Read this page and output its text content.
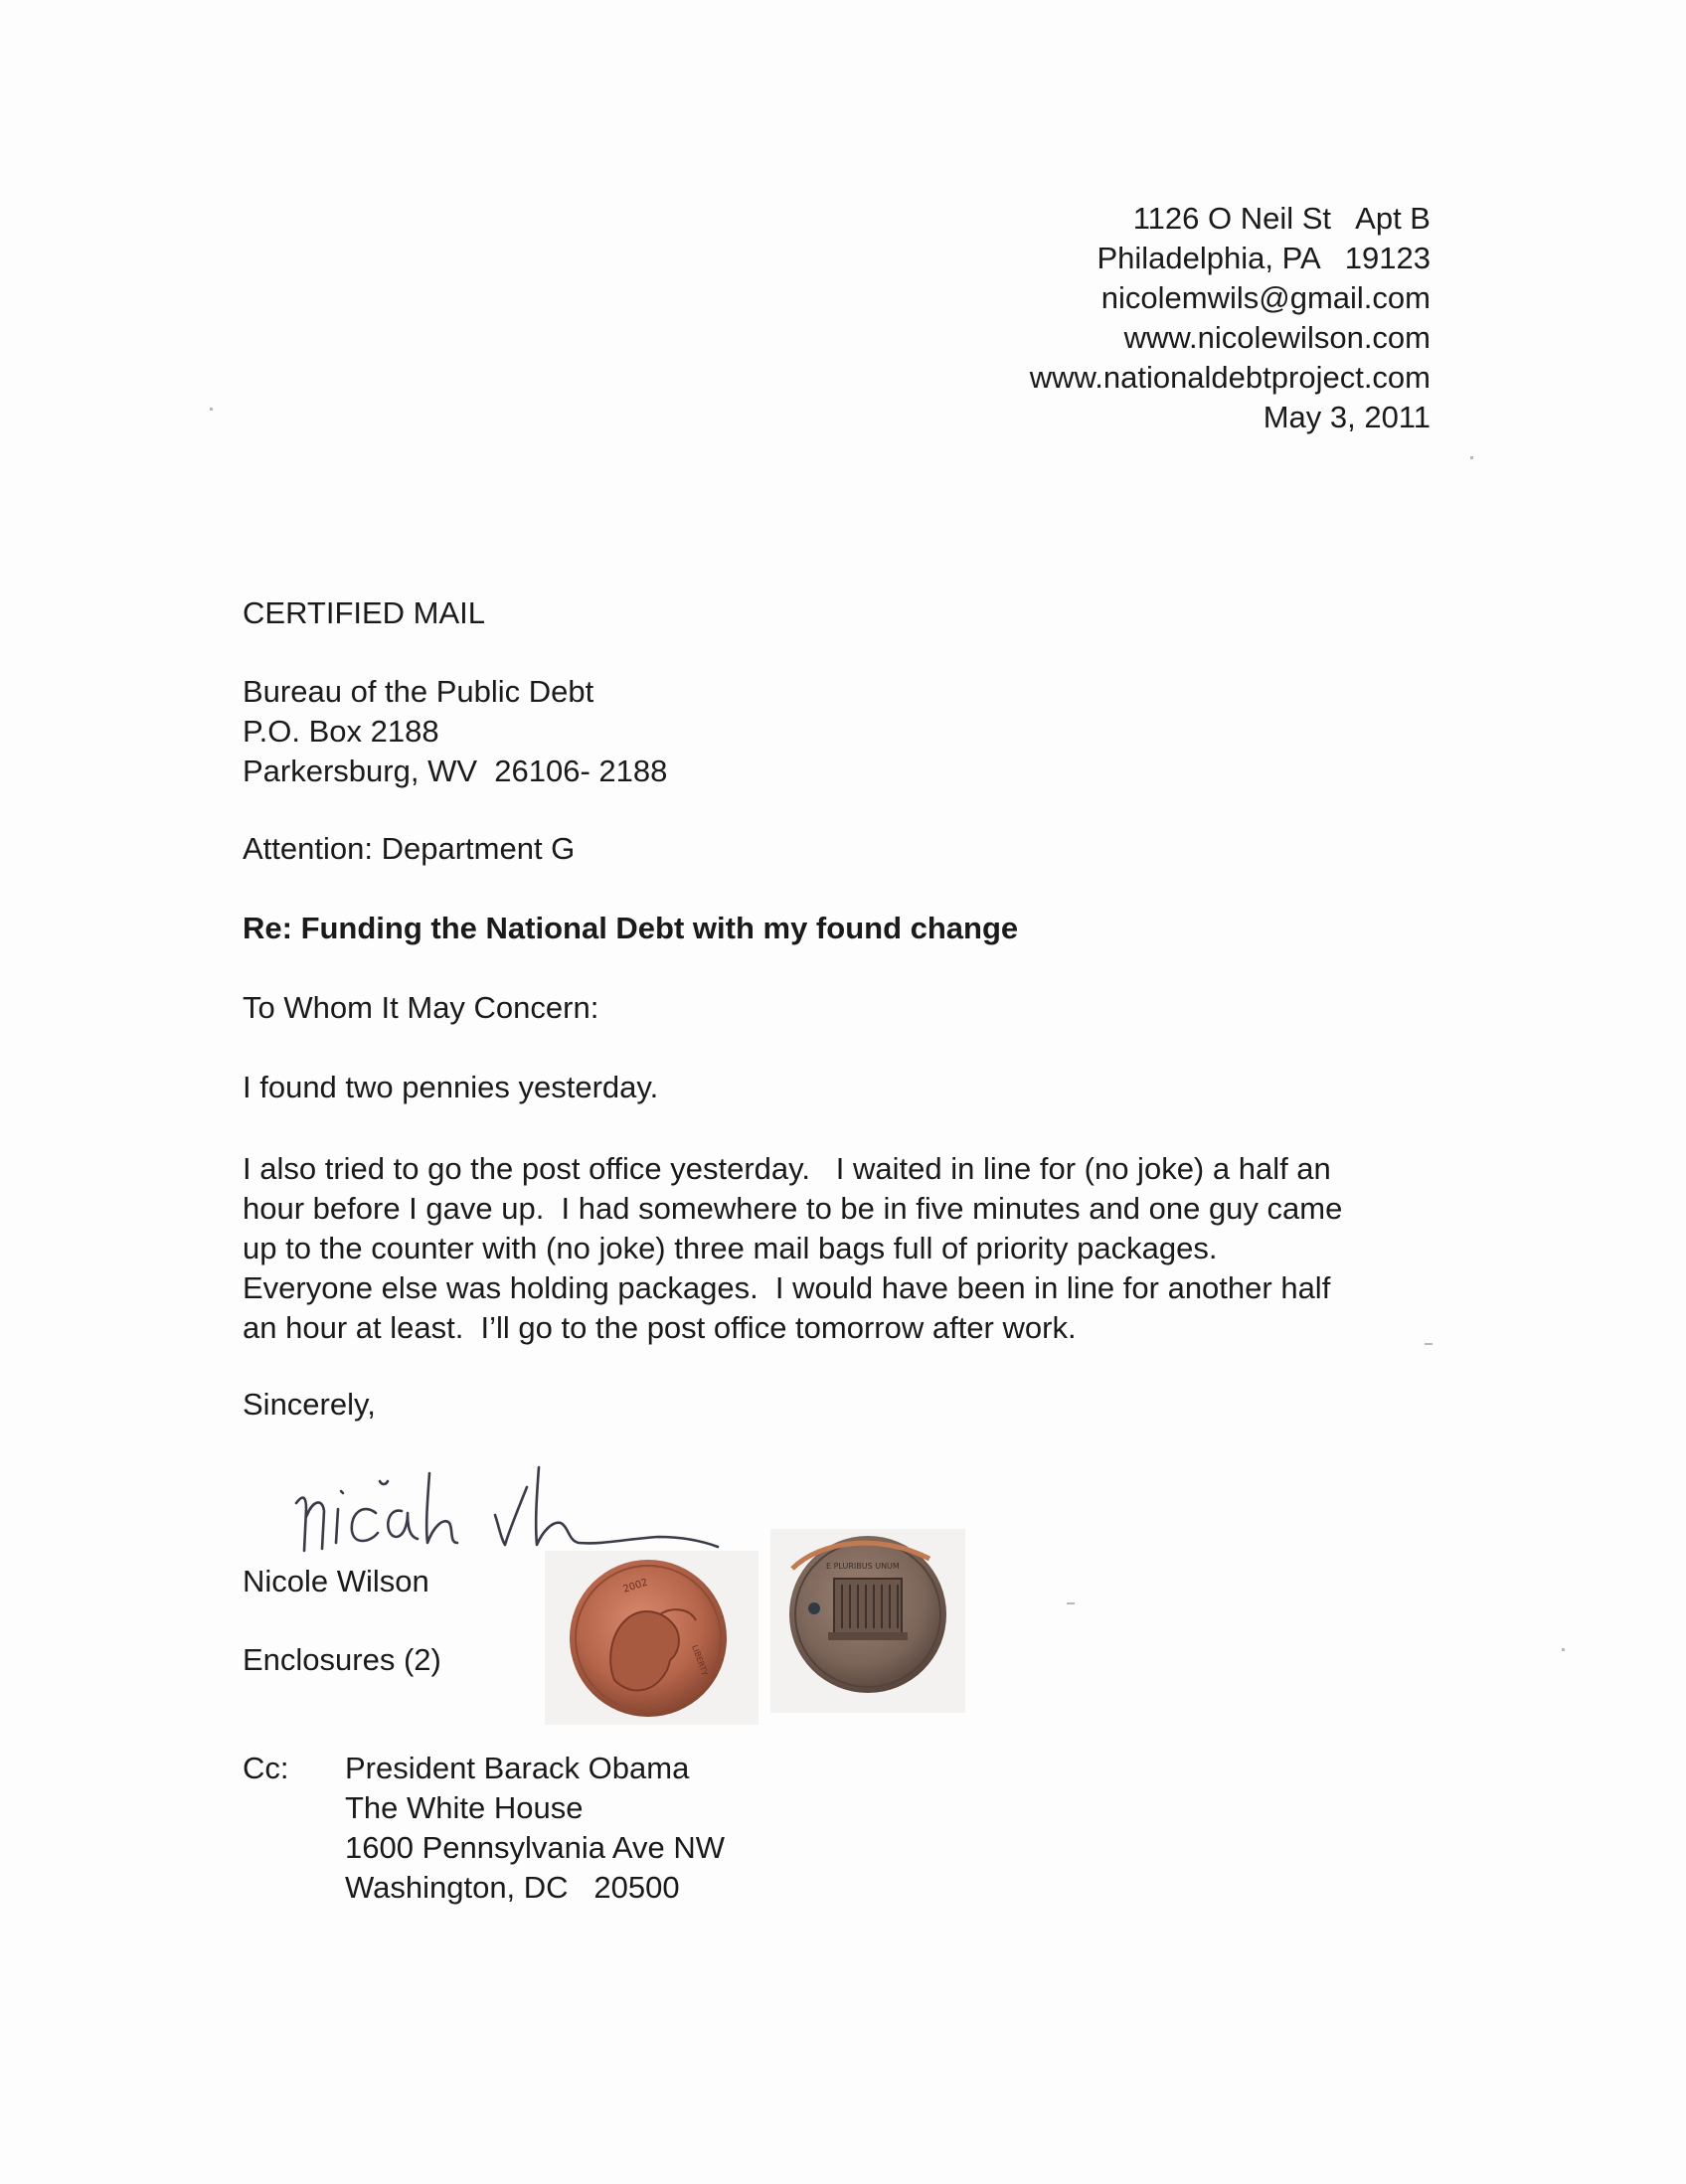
1126 O Neil St   Apt B
Philadelphia, PA   19123
nicolemwils@gmail.com
www.nicolewilson.com
www.nationaldebtproject.com
May 3, 2011
CERTIFIED MAIL
Bureau of the Public Debt
P.O. Box 2188
Parkersburg, WV  26106- 2188
Attention: Department G
Re: Funding the National Debt with my found change
To Whom It May Concern:
I found two pennies yesterday.
I also tried to go the post office yesterday.   I waited in line for (no joke) a half an
hour before I gave up.  I had somewhere to be in five minutes and one guy came
up to the counter with (no joke) three mail bags full of priority packages.
Everyone else was holding packages.  I would have been in line for another half
an hour at least.  I’ll go to the post office tomorrow after work.
Sincerely,
Nicole Wilson
Enclosures (2)
2002
LIBERTY
E PLURIBUS UNUM
Cc: President Barack Obama
The White House
1600 Pennsylvania Ave NW
Washington, DC   20500
